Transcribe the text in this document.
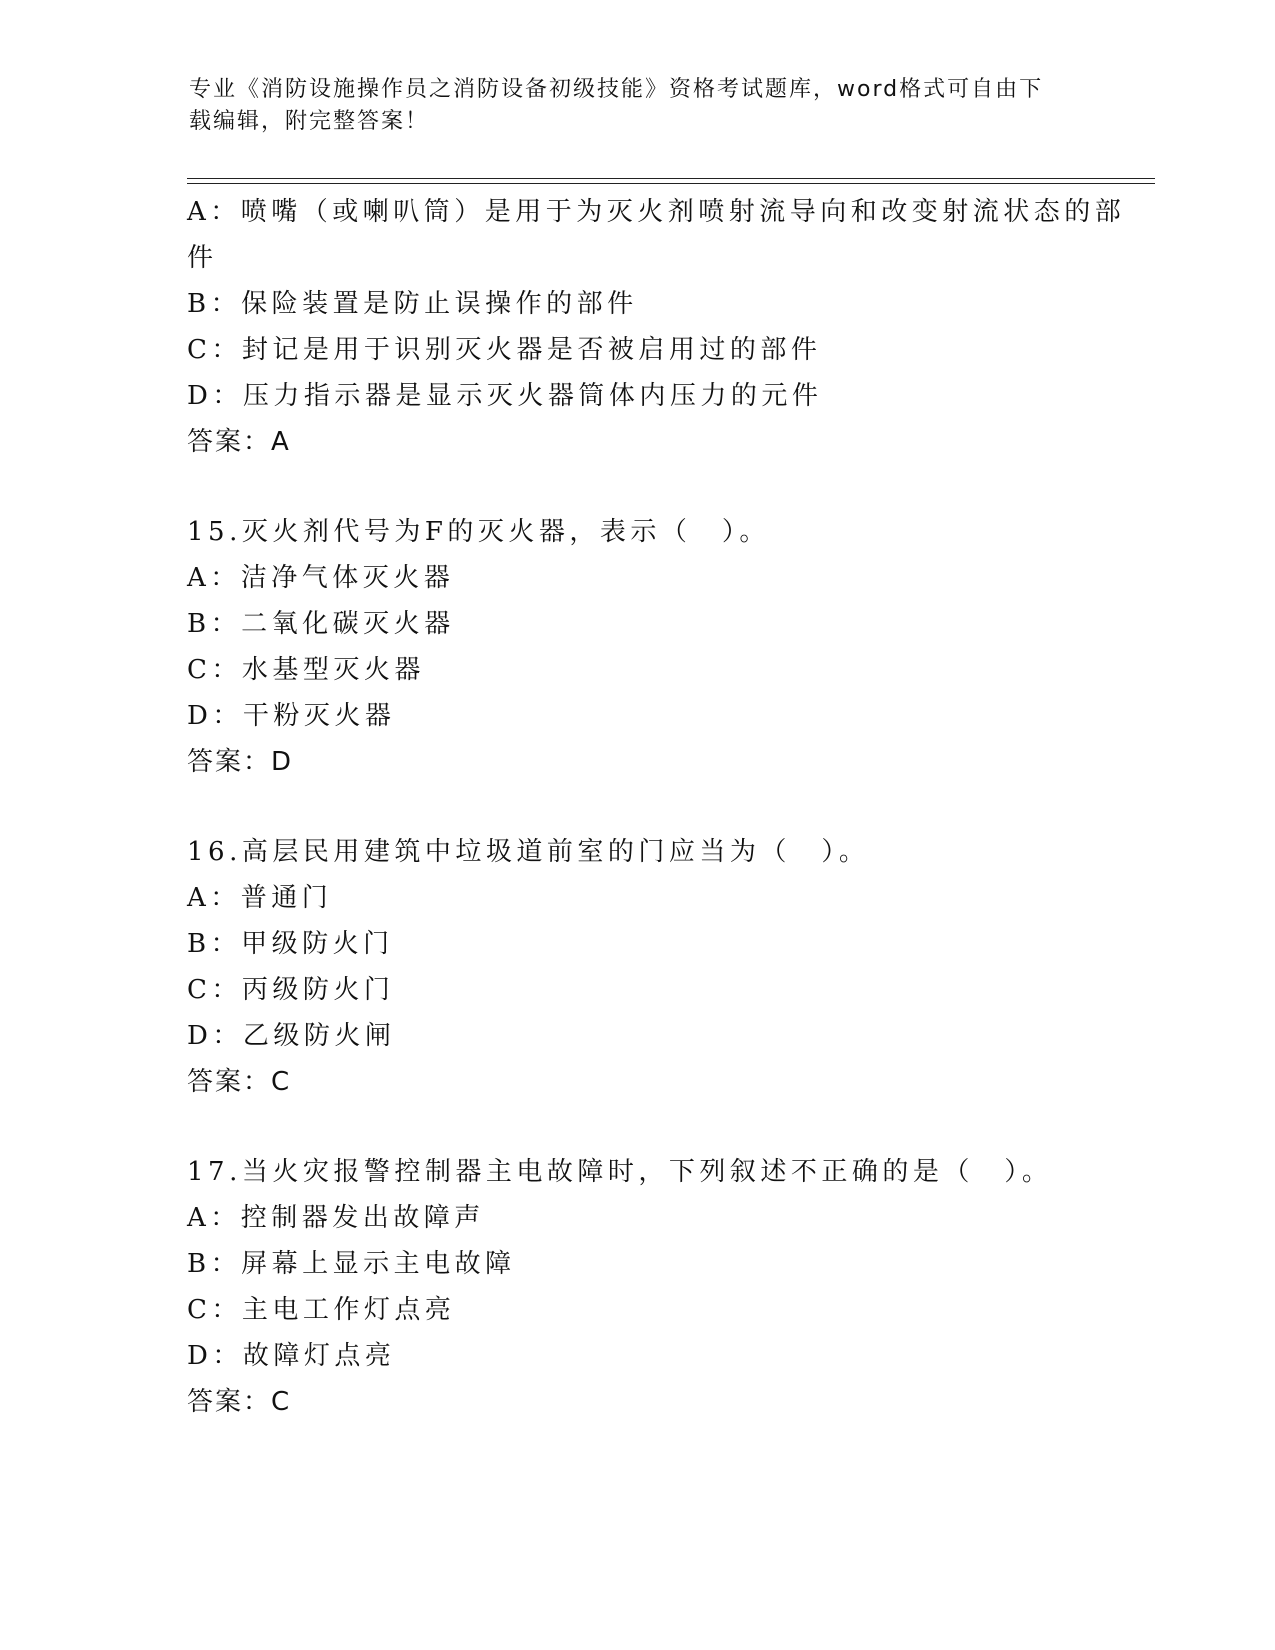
专业《消防设施操作员之消防设备初级技能》资格考试题库，word格式可自由下
载编辑，附完整答案！
A：喷嘴（或喇叭筒）是用于为灭火剂喷射流导向和改变射流状态的部
件
B：保险装置是防止误操作的部件
C：封记是用于识别灭火器是否被启用过的部件
D：压力指示器是显示灭火器筒体内压力的元件
答案：A
15.灭火剂代号为F的灭火器，表示（　）。
A：洁净气体灭火器
B：二氧化碳灭火器
C：水基型灭火器
D：干粉灭火器
答案：D
16.高层民用建筑中垃圾道前室的门应当为（　）。
A：普通门
B：甲级防火门
C：丙级防火门
D：乙级防火闸
答案：C
17.当火灾报警控制器主电故障时，下列叙述不正确的是（　）。
A：控制器发出故障声
B：屏幕上显示主电故障
C：主电工作灯点亮
D：故障灯点亮
答案：C
